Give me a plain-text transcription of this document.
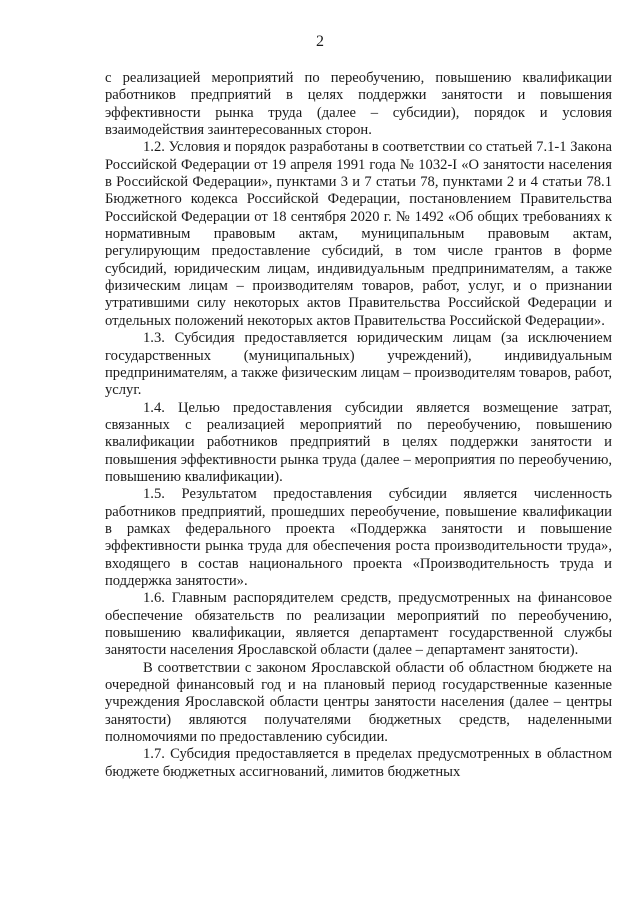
2

с реализацией мероприятий по переобучению, повышению квалификации работников предприятий в целях поддержки занятости и повышения эффективности рынка труда (далее – субсидии), порядок и условия взаимодействия заинтересованных сторон.

1.2. Условия и порядок разработаны в соответствии со статьей 7.1-1 Закона Российской Федерации от 19 апреля 1991 года № 1032-I «О занятости населения в Российской Федерации», пунктами 3 и 7 статьи 78, пунктами 2 и 4 статьи 78.1 Бюджетного кодекса Российской Федерации, постановлением Правительства Российской Федерации от 18 сентября 2020 г. № 1492 «Об общих требованиях к нормативным правовым актам, муниципальным правовым актам, регулирующим предоставление субсидий, в том числе грантов в форме субсидий, юридическим лицам, индивидуальным предпринимателям, а также физическим лицам – производителям товаров, работ, услуг, и о признании утратившими силу некоторых актов Правительства Российской Федерации и отдельных положений некоторых актов Правительства Российской Федерации».

1.3. Субсидия предоставляется юридическим лицам (за исключением государственных (муниципальных) учреждений), индивидуальным предпринимателям, а также физическим лицам – производителям товаров, работ, услуг.

1.4. Целью предоставления субсидии является возмещение затрат, связанных с реализацией мероприятий по переобучению, повышению квалификации работников предприятий в целях поддержки занятости и повышения эффективности рынка труда (далее – мероприятия по переобучению, повышению квалификации).

1.5. Результатом предоставления субсидии является численность работников предприятий, прошедших переобучение, повышение квалификации в рамках федерального проекта «Поддержка занятости и повышение эффективности рынка труда для обеспечения роста производительности труда», входящего в состав национального проекта «Производительность труда и поддержка занятости».

1.6. Главным распорядителем средств, предусмотренных на финансовое обеспечение обязательств по реализации мероприятий по переобучению, повышению квалификации, является департамент государственной службы занятости населения Ярославской области (далее – департамент занятости).

В соответствии с законом Ярославской области об областном бюджете на очередной финансовый год и на плановый период государственные казенные учреждения Ярославской области центры занятости населения (далее – центры занятости) являются получателями бюджетных средств, наделенными полномочиями по предоставлению субсидии.

1.7. Субсидия предоставляется в пределах предусмотренных в областном бюджете бюджетных ассигнований, лимитов бюджетных
